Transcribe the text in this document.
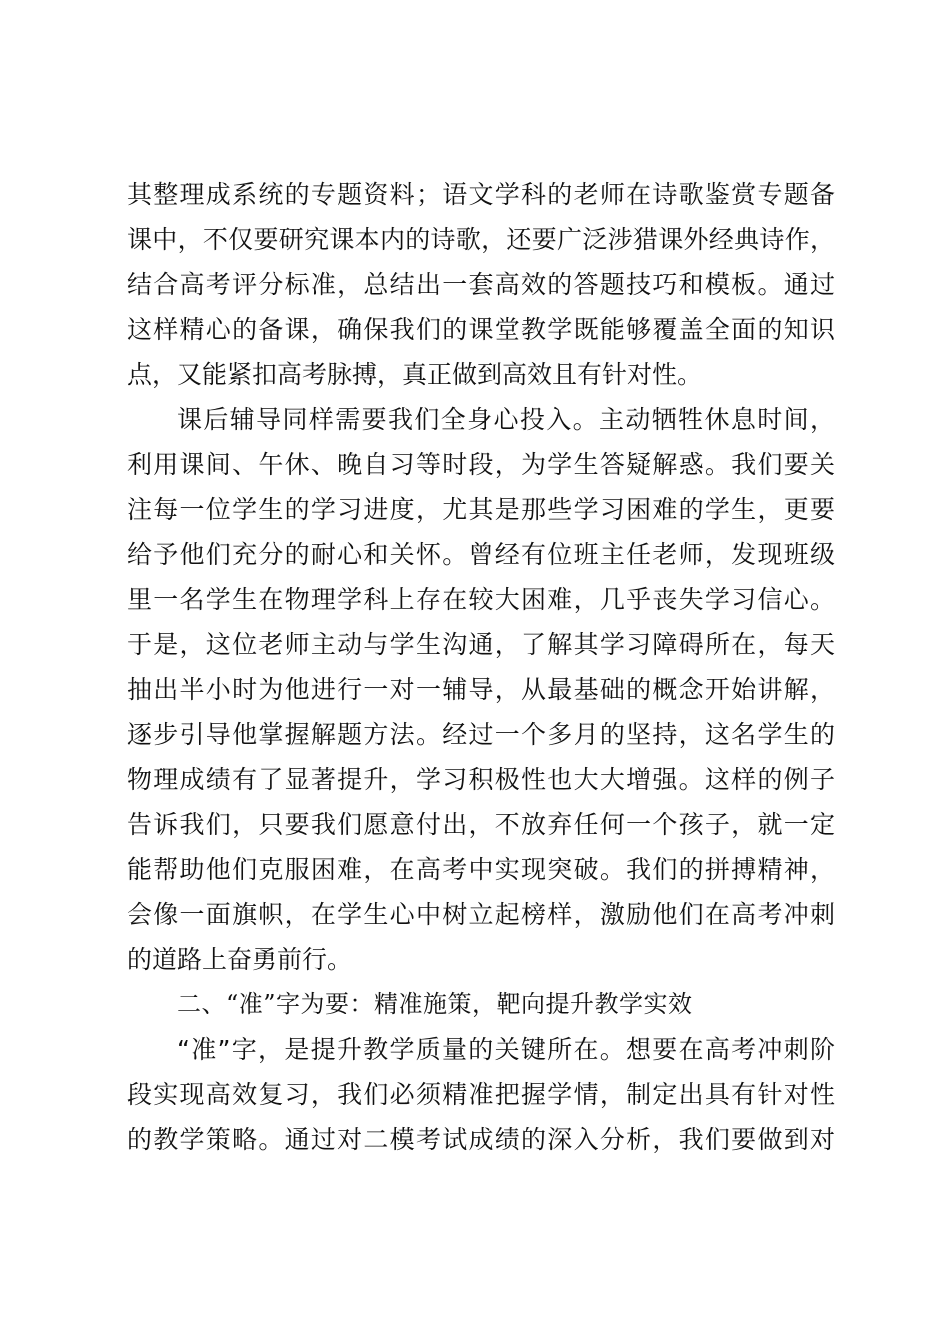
其整理成系统的专题资料；语文学科的老师在诗歌鉴赏专题备
课中，不仅要研究课本内的诗歌，还要广泛涉猎课外经典诗作，
结合高考评分标准，总结出一套高效的答题技巧和模板。通过
这样精心的备课，确保我们的课堂教学既能够覆盖全面的知识
点，又能紧扣高考脉搏，真正做到高效且有针对性。
课后辅导同样需要我们全身心投入。主动牺牲休息时间，
利用课间、午休、晚自习等时段，为学生答疑解惑。我们要关
注每一位学生的学习进度，尤其是那些学习困难的学生，更要
给予他们充分的耐心和关怀。曾经有位班主任老师，发现班级
里一名学生在物理学科上存在较大困难，几乎丧失学习信心。
于是，这位老师主动与学生沟通，了解其学习障碍所在，每天
抽出半小时为他进行一对一辅导，从最基础的概念开始讲解，
逐步引导他掌握解题方法。经过一个多月的坚持，这名学生的
物理成绩有了显著提升，学习积极性也大大增强。这样的例子
告诉我们，只要我们愿意付出，不放弃任何一个孩子，就一定
能帮助他们克服困难，在高考中实现突破。我们的拼搏精神，
会像一面旗帜，在学生心中树立起榜样，激励他们在高考冲刺
的道路上奋勇前行。
二、“准”字为要：精准施策，靶向提升教学实效
“准”字，是提升教学质量的关键所在。想要在高考冲刺阶
段实现高效复习，我们必须精准把握学情，制定出具有针对性
的教学策略。通过对二模考试成绩的深入分析，我们要做到对
